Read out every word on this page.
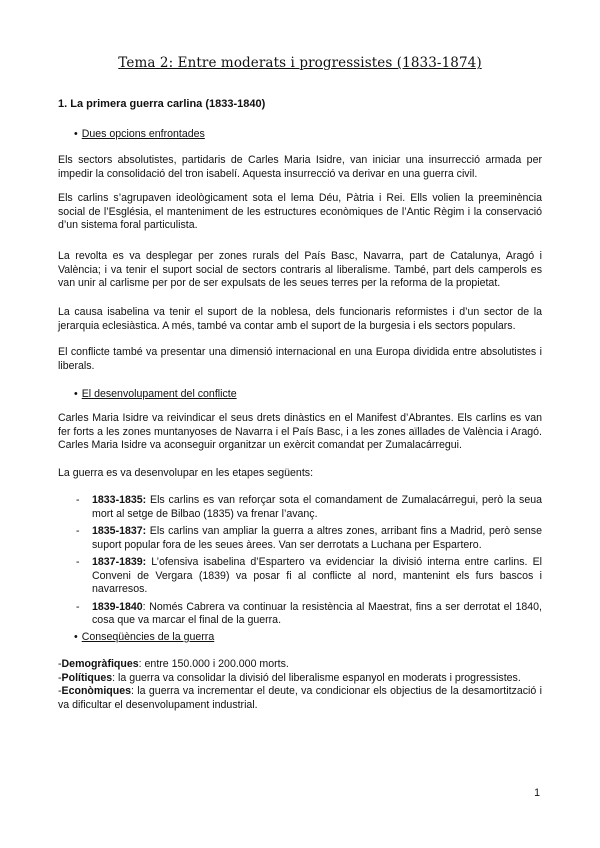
Tema 2: Entre moderats i progressistes (1833-1874)
1. La primera guerra carlina (1833-1840)
• Dues opcions enfrontades

Els sectors absolutistes, partidaris de Carles Maria Isidre, van iniciar una insurrecció armada per impedir la consolidació del tron isabelí. Aquesta insurrecció va derivar en una guerra civil.

Els carlins s’agrupaven ideològicament sota el lema Déu, Pàtria i Rei. Ells volien la preeminència social de l’Església, el manteniment de les estructures econòmiques de l’Antic Règim i la conservació d’un sistema foral particulista.

La revolta es va desplegar per zones rurals del País Basc, Navarra, part de Catalunya, Aragó i València; i va tenir el suport social de sectors contraris al liberalisme. També, part dels camperols es van unir al carlisme per por de ser expulsats de les seues terres per la reforma de la propietat.

La causa isabelina va tenir el suport de la noblesa, dels funcionaris reformistes i d’un sector de la jerarquia eclesiàstica. A més, també va contar amb el suport de la burgesia i els sectors populars.

El conflicte també va presentar una dimensió internacional en una Europa dividida entre absolutistes i liberals.

• El desenvolupament del conflicte

Carles Maria Isidre va reivindicar el seus drets dinàstics en el Manifest d’Abrantes. Els carlins es van fer forts a les zones muntanyoses de Navarra i el País Basc, i a les zones aïllades de València i Aragó. Carles Maria Isidre va aconseguir organitzar un exèrcit comandat per Zumalacárregui.

La guerra es va desenvolupar en les etapes següents:

- 1833-1835: Els carlins es van reforçar sota el comandament de Zumalacárregui, però la seua mort al setge de Bilbao (1835) va frenar l’avanç.
- 1835-1837: Els carlins van ampliar la guerra a altres zones, arribant fins a Madrid, però sense suport popular fora de les seues àrees. Van ser derrotats a Luchana per Espartero.
- 1837-1839: L’ofensiva isabelina d’Espartero va evidenciar la divisió interna entre carlins. El Conveni de Vergara (1839) va posar fi al conflicte al nord, mantenint els furs bascos i navarresos.
- 1839-1840: Només Cabrera va continuar la resistència al Maestrat, fins a ser derrotat el 1840, cosa que va marcar el final de la guerra.
• Conseqüències de la guerra
-Demogràfiques: entre 150.000 i 200.000 morts.
-Polítiques: la guerra va consolidar la divisió del liberalisme espanyol en moderats i progressistes.
-Econòmiques: la guerra va incrementar el deute, va condicionar els objectius de la desamortització i va dificultar el desenvolupament industrial.
1
